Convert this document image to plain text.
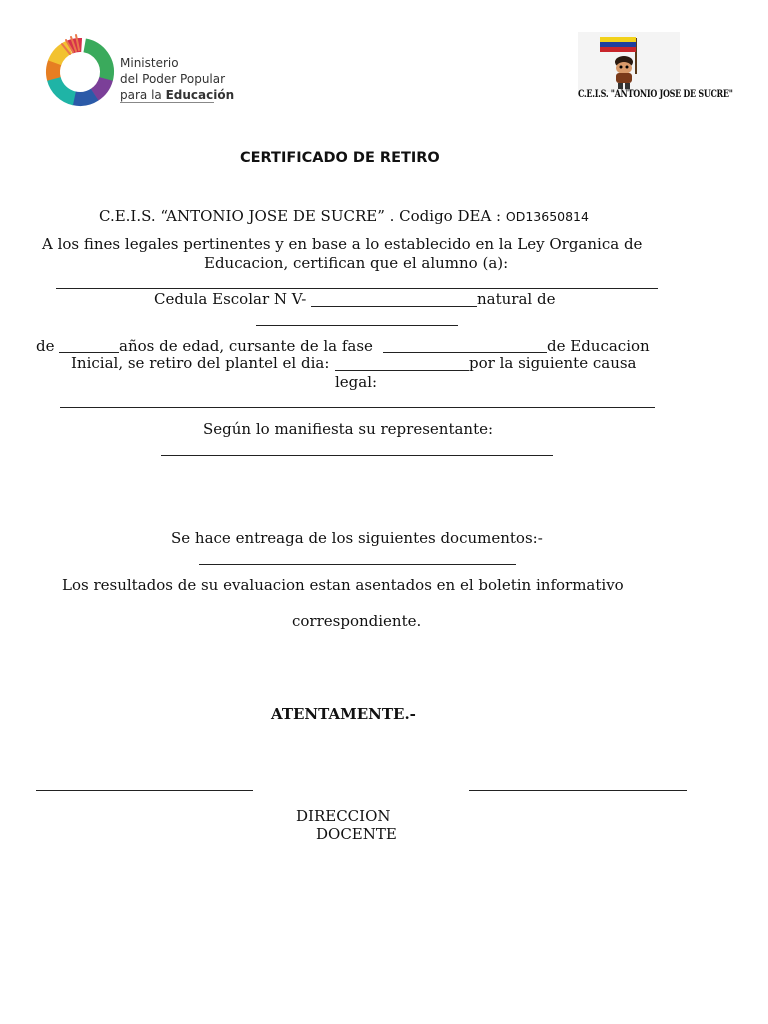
Ministerio
del Poder Popular
para la Educación	C.E.I.S. "ANTONIO JOSE DE SUCRE"
CERTIFICADO DE RETIRO
C.E.I.S. “ANTONIO JOSE DE SUCRE” . Codigo DEA : OD13650814
A los fines legales pertinentes y en base a lo establecido en la Ley Organica de
Educacion, certifican que el alumno (a):
Cedula Escolar N V-	natural de
de	años de edad, cursante de la fase	de Educacion
Inicial, se retiro del plantel el dia:	por la siguiente causa
legal:
Según lo manifiesta su representante:
Se hace entreaga de los siguientes documentos:-
Los resultados de su evaluacion estan asentados en el boletin informativo
correspondiente.
ATENTAMENTE.-
DIRECCION
DOCENTE
